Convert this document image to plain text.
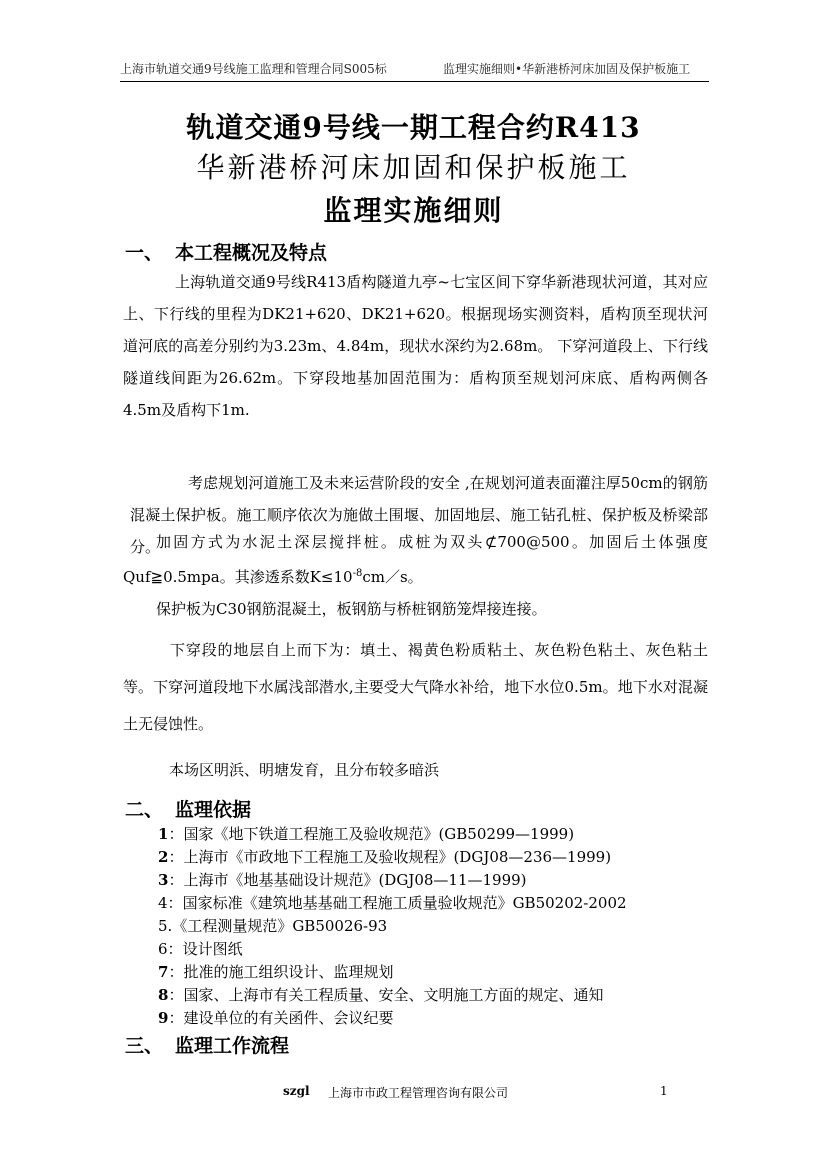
上海市轨道交通9号线施工监理和管理合同S005标	监理实施细则•华新港桥河床加固及保护板施工
轨道交通9号线一期工程合约R413
华新港桥河床加固和保护板施工
监理实施细则
一、 本工程概况及特点
上海轨道交通9号线R413盾构隧道九亭~七宝区间下穿华新港现状河道，其对应上、下行线的里程为DK21+620、DK21+620。根据现场实测资料，盾构顶至现状河道河底的高差分别约为3.23m、4.84m，现状水深约为2.68m。 下穿河道段上、下行线隧道线间距为26.62m。下穿段地基加固范围为：盾构顶至规划河床底、盾构两侧各4.5m及盾构下1m.
考虑规划河道施工及未来运营阶段的安全 ,在规划河道表面灌注厚50cm的钢筋混凝土保护板。施工顺序依次为施做土围堰、加固地层、施工钻孔桩、保护板及桥梁部分。
加固方式为水泥土深层搅拌桩。成桩为双头⊄700@500。加固后土体强度Quf≧0.5mpa。其渗透系数$K\le 10^{-8}cm/s$。
保护板为C30钢筋混凝土，板钢筋与桥桩钢筋笼焊接连接。
下穿段的地层自上而下为：填土、褐黄色粉质粘土、灰色粉色粘土、灰色粘土等。下穿河道段地下水属浅部潜水,主要受大气降水补给，地下水位0.5m。地下水对混凝土无侵蚀性。
本场区明浜、明塘发育，且分布较多暗浜
二、 监理依据
1：国家《地下铁道工程施工及验收规范》(GB50299—1999)
2：上海市《市政地下工程施工及验收规程》(DGJ08—236—1999)
3：上海市《地基基础设计规范》(DGJ08—11—1999)
4：国家标准《建筑地基基础工程施工质量验收规范》GB50202-2002
5.《工程测量规范》GB50026-93
6：设计图纸
7：批准的施工组织设计、监理规划
8：国家、上海市有关工程质量、安全、文明施工方面的规定、通知
9：建设单位的有关函件、会议纪要
三、 监理工作流程
szgl 上海市市政工程管理咨询有限公司	1
